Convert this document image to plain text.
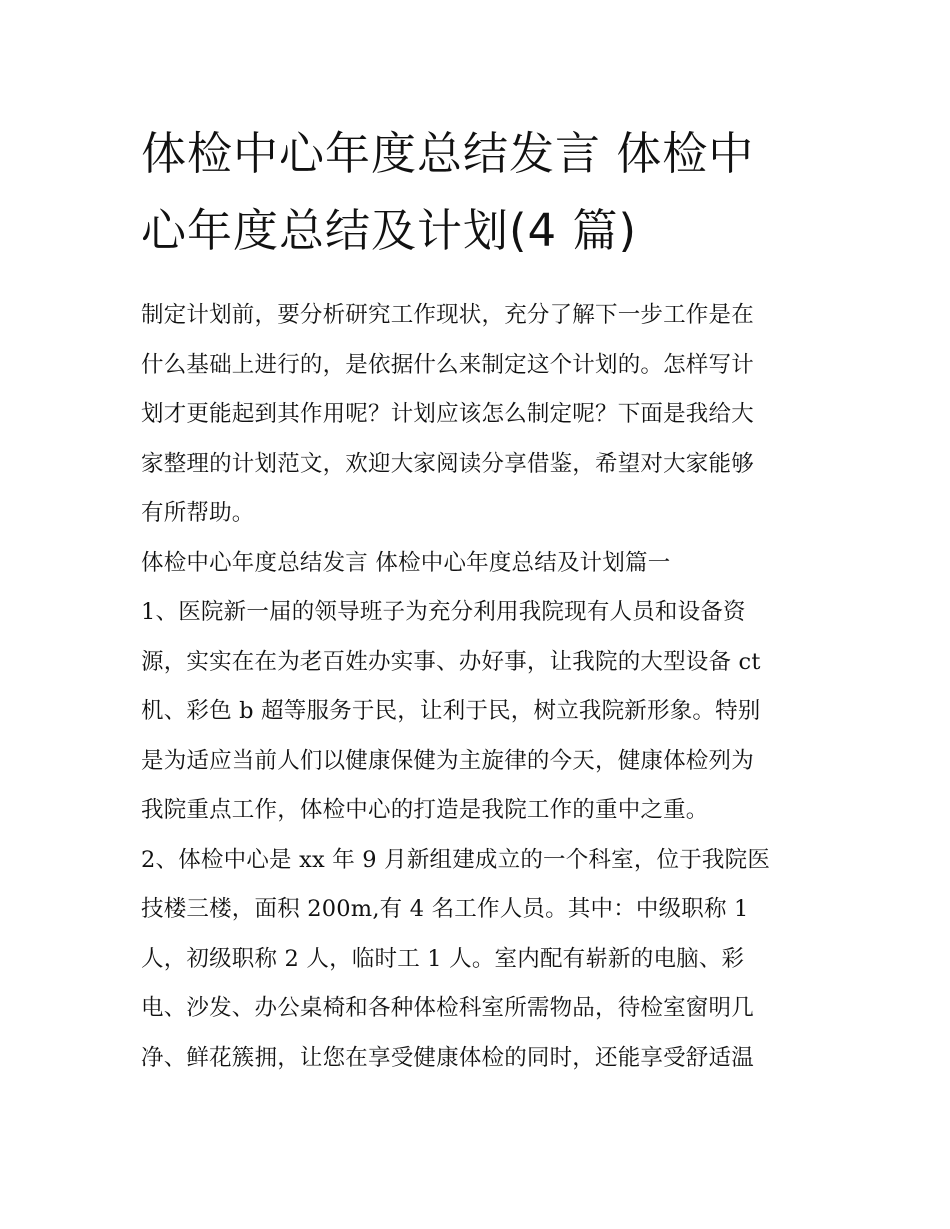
体检中心年度总结发言 体检中
心年度总结及计划(4 篇)
制定计划前，要分析研究工作现状，充分了解下一步工作是在
什么基础上进行的，是依据什么来制定这个计划的。怎样写计
划才更能起到其作用呢？计划应该怎么制定呢？下面是我给大
家整理的计划范文，欢迎大家阅读分享借鉴，希望对大家能够
有所帮助。
体检中心年度总结发言 体检中心年度总结及计划篇一
1、医院新一届的领导班子为充分利用我院现有人员和设备资
源，实实在在为老百姓办实事、办好事，让我院的大型设备 ct
机、彩色 b 超等服务于民，让利于民，树立我院新形象。特别
是为适应当前人们以健康保健为主旋律的今天，健康体检列为
我院重点工作，体检中心的打造是我院工作的重中之重。
2、体检中心是 xx 年 9 月新组建成立的一个科室，位于我院医
技楼三楼，面积 200m,有 4 名工作人员。其中：中级职称 1
人，初级职称 2 人，临时工 1 人。室内配有崭新的电脑、彩
电、沙发、办公桌椅和各种体检科室所需物品，待检室窗明几
净、鲜花簇拥，让您在享受健康体检的同时，还能享受舒适温
